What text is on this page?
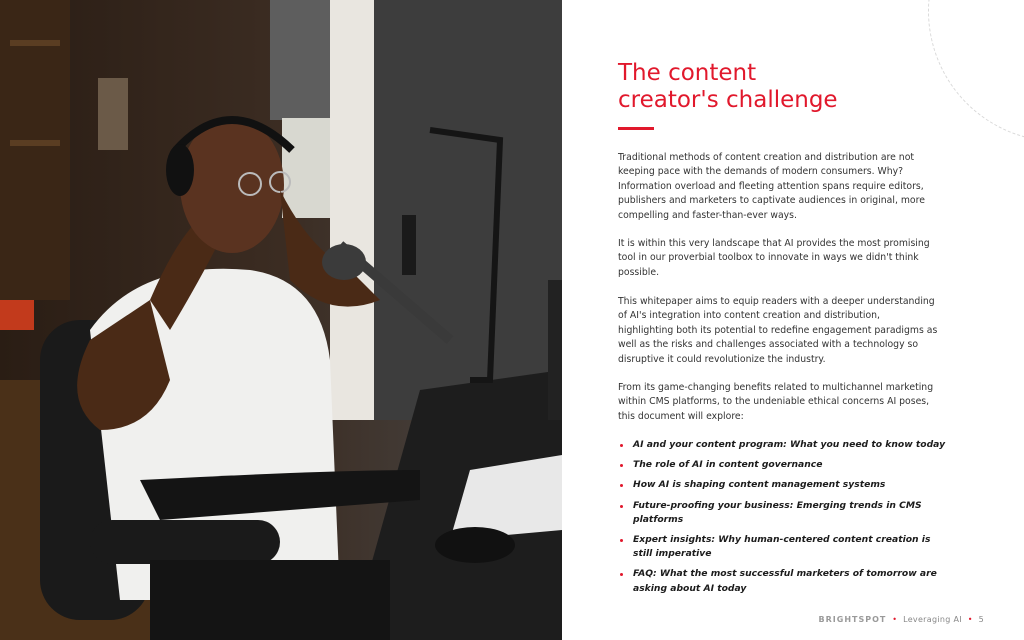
The content
creator's challenge

Traditional methods of content creation and distribution are not keeping pace with the demands of modern consumers. Why? Information overload and fleeting attention spans require editors, publishers and marketers to captivate audiences in original, more compelling and faster-than-ever ways.

It is within this very landscape that AI provides the most promising tool in our proverbial toolbox to innovate in ways we didn't think possible.

This whitepaper aims to equip readers with a deeper understanding of AI's integration into content creation and distribution, highlighting both its potential to redefine engagement paradigms as well as the risks and challenges associated with a technology so disruptive it could revolutionize the industry.

From its game-changing benefits related to multichannel marketing within CMS platforms, to the undeniable ethical concerns AI poses, this document will explore:

AI and your content program: What you need to know today
The role of AI in content governance
How AI is shaping content management systems
Future-proofing your business: Emerging trends in CMS platforms
Expert insights: Why human-centered content creation is still imperative
FAQ: What the most successful marketers of tomorrow are asking about AI today
BRIGHTSPOT • Leveraging AI • 5
